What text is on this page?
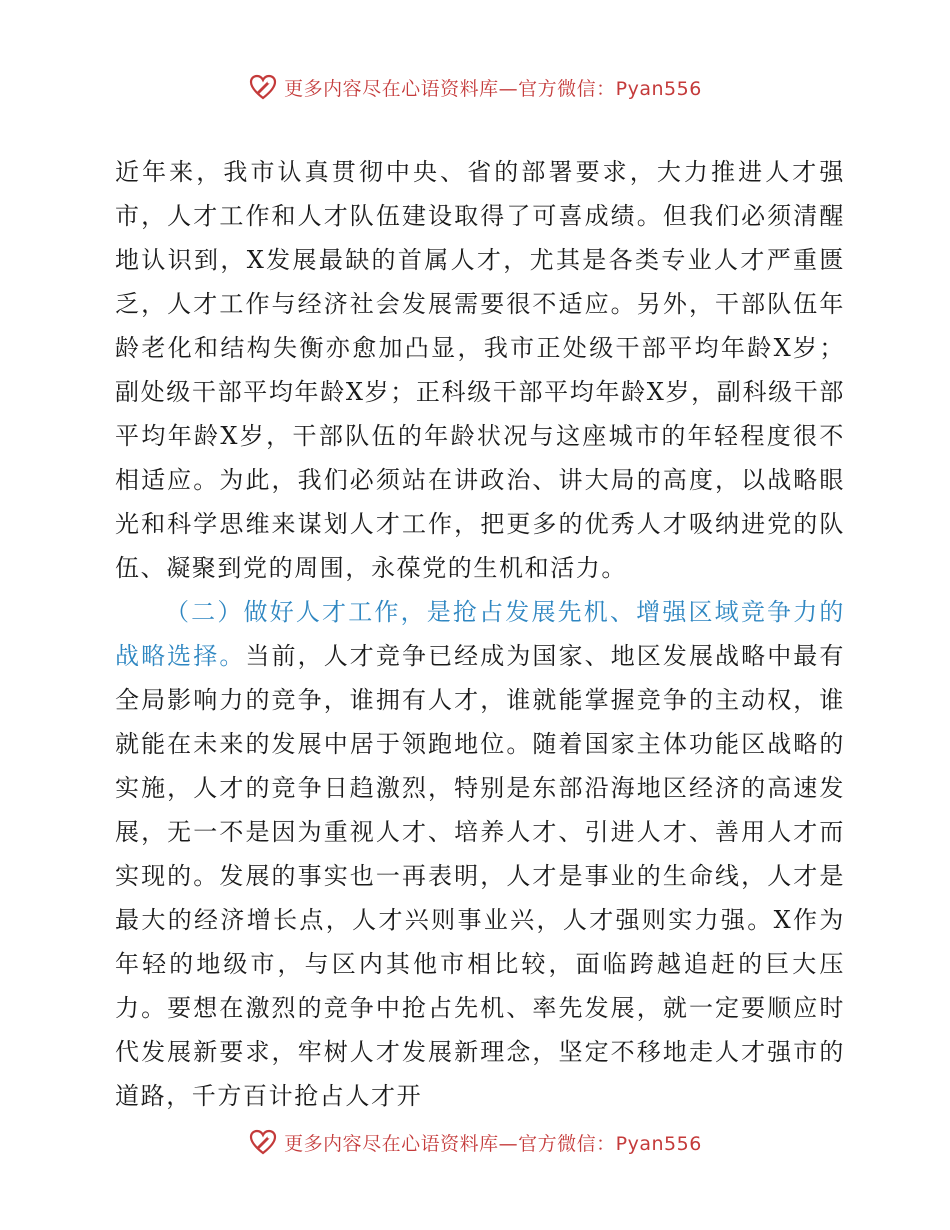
更多内容尽在心语资料库—官方微信：Pyan556

近年来，我市认真贯彻中央、省的部署要求，大力推进人才强市，人才工作和人才队伍建设取得了可喜成绩。但我们必须清醒地认识到，X发展最缺的首属人才，尤其是各类专业人才严重匮乏，人才工作与经济社会发展需要很不适应。另外，干部队伍年龄老化和结构失衡亦愈加凸显，我市正处级干部平均年龄X岁；副处级干部平均年龄X岁；正科级干部平均年龄X岁，副科级干部平均年龄X岁，干部队伍的年龄状况与这座城市的年轻程度很不相适应。为此，我们必须站在讲政治、讲大局的高度，以战略眼光和科学思维来谋划人才工作，把更多的优秀人才吸纳进党的队伍、凝聚到党的周围，永葆党的生机和活力。

（二）做好人才工作，是抢占发展先机、增强区域竞争力的战略选择。当前，人才竞争已经成为国家、地区发展战略中最有全局影响力的竞争，谁拥有人才，谁就能掌握竞争的主动权，谁就能在未来的发展中居于领跑地位。随着国家主体功能区战略的实施，人才的竞争日趋激烈，特别是东部沿海地区经济的高速发展，无一不是因为重视人才、培养人才、引进人才、善用人才而实现的。发展的事实也一再表明，人才是事业的生命线，人才是最大的经济增长点，人才兴则事业兴，人才强则实力强。X作为年轻的地级市，与区内其他市相比较，面临跨越追赶的巨大压力。要想在激烈的竞争中抢占先机、率先发展，就一定要顺应时代发展新要求，牢树人才发展新理念，坚定不移地走人才强市的道路，千方百计抢占人才开

更多内容尽在心语资料库—官方微信：Pyan556
